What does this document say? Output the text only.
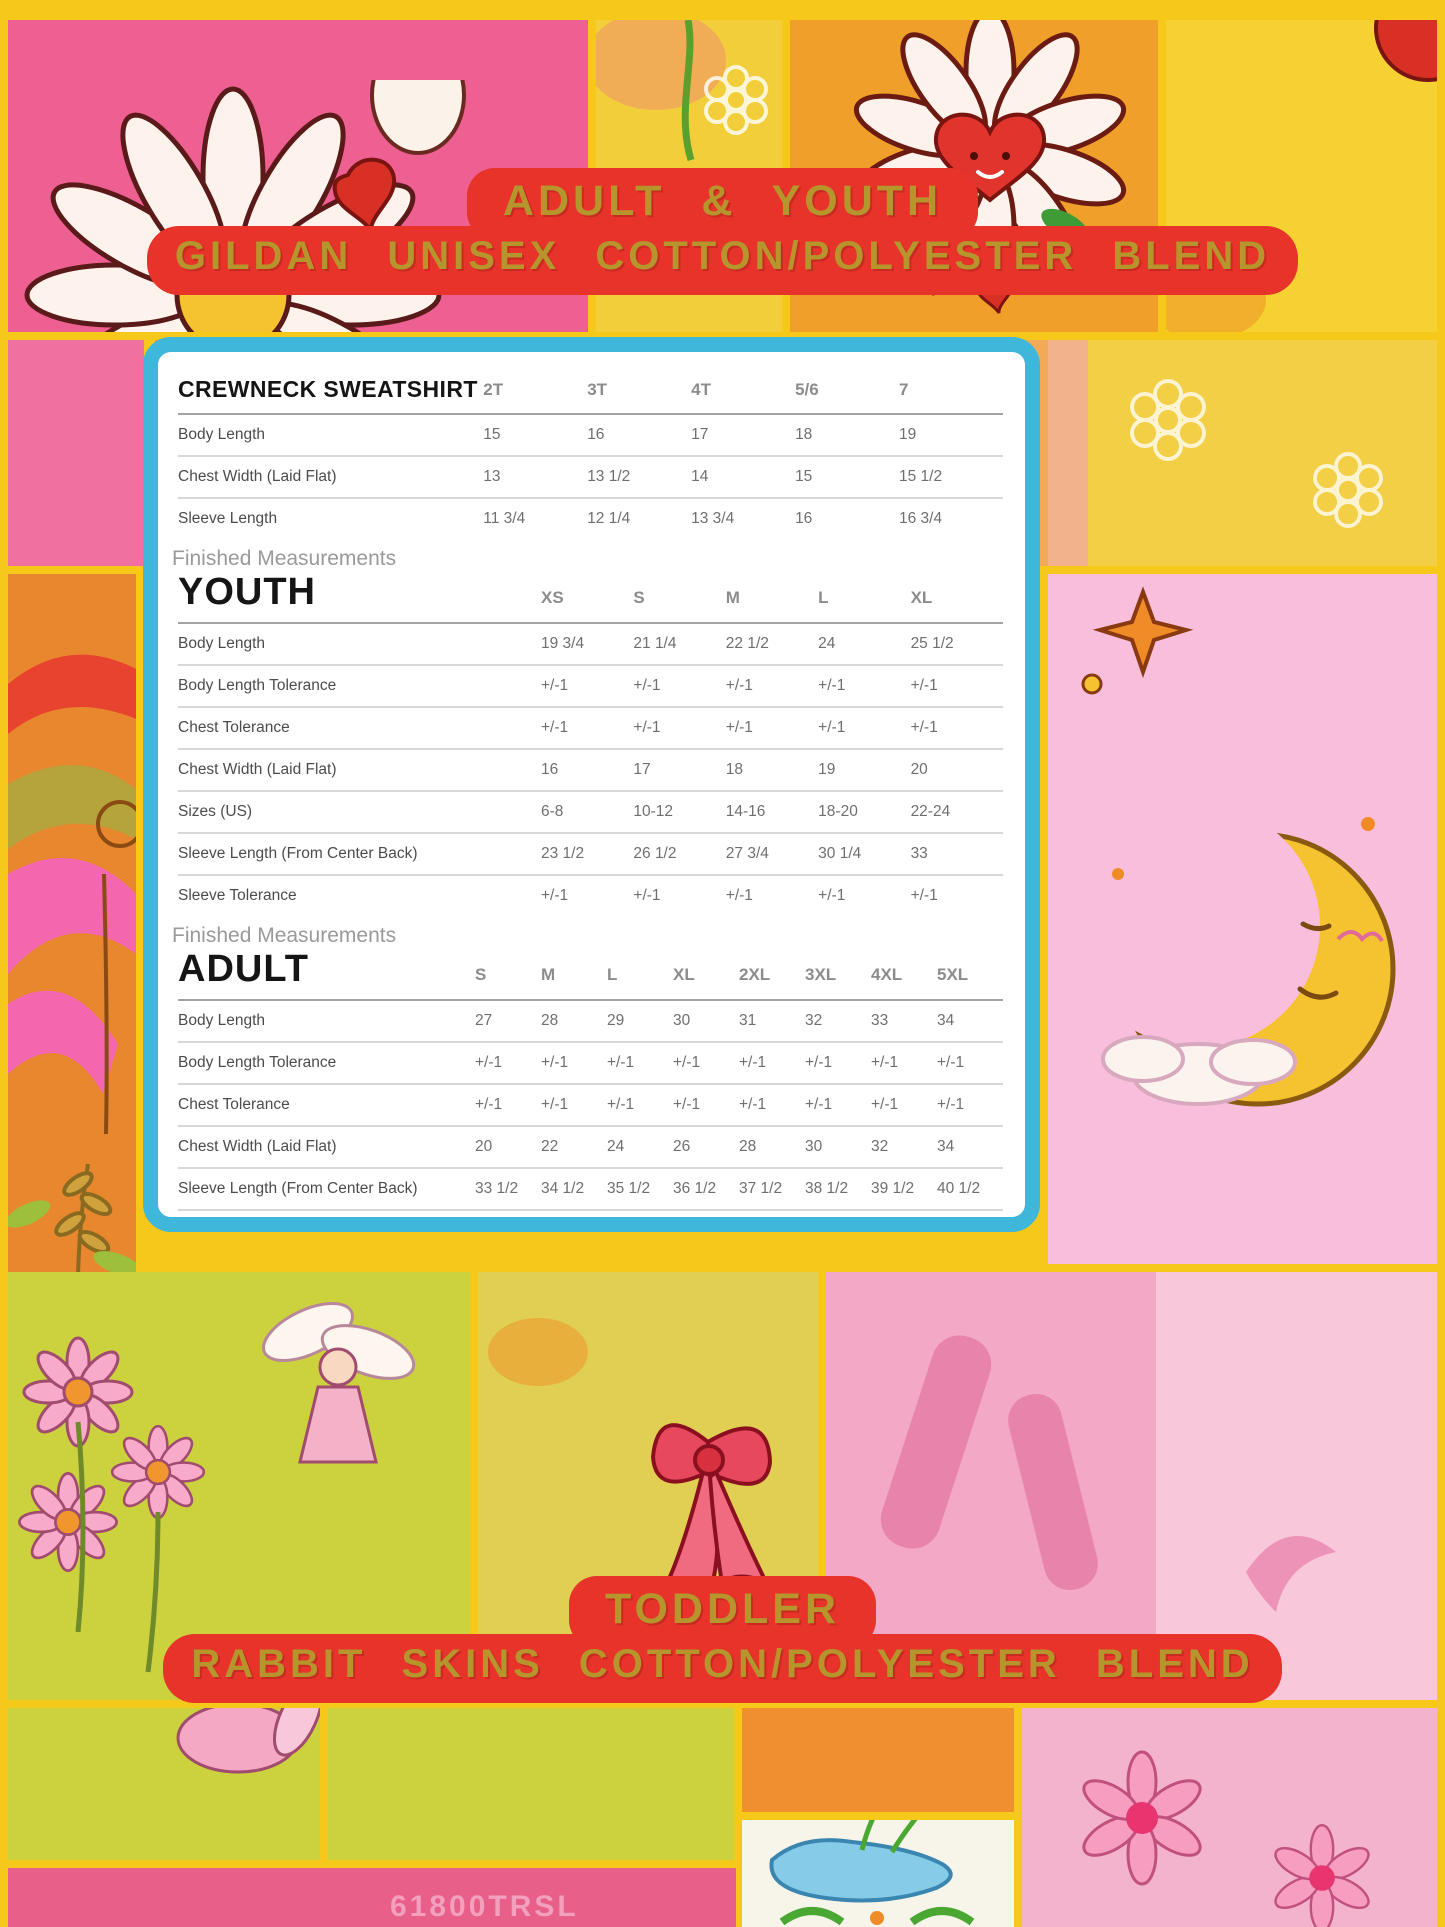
61800TRSL
ADULT & YOUTH
GILDAN UNISEX COTTON/POLYESTER BLEND
CREWNECK SWEATSHIRT	2T	3T	4T	5/6	7
Body Length	15	16	17	18	19
Chest Width (Laid Flat)	13	13 1/2	14	15	15 1/2
Sleeve Length	11 3/4	12 1/4	13 3/4	16	16 3/4
Finished Measurements
YOUTH	XS	S	M	L	XL
Body Length	19 3/4	21 1/4	22 1/2	24	25 1/2
Body Length Tolerance	+/-1	+/-1	+/-1	+/-1	+/-1
Chest Tolerance	+/-1	+/-1	+/-1	+/-1	+/-1
Chest Width (Laid Flat)	16	17	18	19	20
Sizes (US)	6-8	10-12	14-16	18-20	22-24
Sleeve Length (From Center Back)	23 1/2	26 1/2	27 3/4	30 1/4	33
Sleeve Tolerance	+/-1	+/-1	+/-1	+/-1	+/-1
Finished Measurements
ADULT	S	M	L	XL	2XL	3XL	4XL	5XL
Body Length	27	28	29	30	31	32	33	34
Body Length Tolerance	+/-1	+/-1	+/-1	+/-1	+/-1	+/-1	+/-1	+/-1
Chest Tolerance	+/-1	+/-1	+/-1	+/-1	+/-1	+/-1	+/-1	+/-1
Chest Width (Laid Flat)	20	22	24	26	28	30	32	34
Sleeve Length (From Center Back)	33 1/2	34 1/2	35 1/2	36 1/2	37 1/2	38 1/2	39 1/2	40 1/2
Sleeve Tolerance	+/-1	+/-1	+/-1	+/-1	+/-1	+/-1	+/-1	+/-1
TODDLER
RABBIT SKINS COTTON/POLYESTER BLEND
